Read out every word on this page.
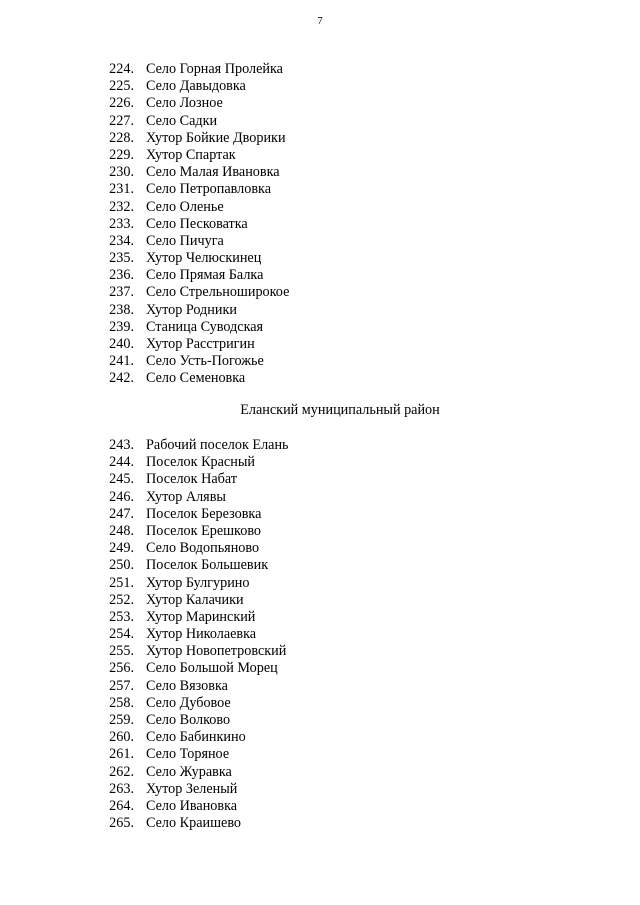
7
224. Село Горная Пролейка
225. Село Давыдовка
226. Село Лозное
227. Село Садки
228. Хутор Бойкие Дворики
229. Хутор Спартак
230. Село Малая Ивановка
231. Село Петропавловка
232. Село Оленье
233. Село Песковатка
234. Село Пичуга
235. Хутор Челюскинец
236. Село Прямая Балка
237. Село Стрельноширокое
238. Хутор Родники
239. Станица Суводская
240. Хутор Расстригин
241. Село Усть-Погожье
242. Село Семеновка
Еланский муниципальный район
243. Рабочий поселок Елань
244. Поселок Красный
245. Поселок Набат
246. Хутор Алявы
247. Поселок Березовка
248. Поселок Ерешково
249. Село Водопьяново
250. Поселок Большевик
251. Хутор Булгурино
252. Хутор Калачики
253. Хутор Маринский
254. Хутор Николаевка
255. Хутор Новопетровский
256. Село Большой Морец
257. Село Вязовка
258. Село Дубовое
259. Село Волково
260. Село Бабинкино
261. Село Торяное
262. Село Журавка
263. Хутор Зеленый
264. Село Ивановка
265. Село Краишево
